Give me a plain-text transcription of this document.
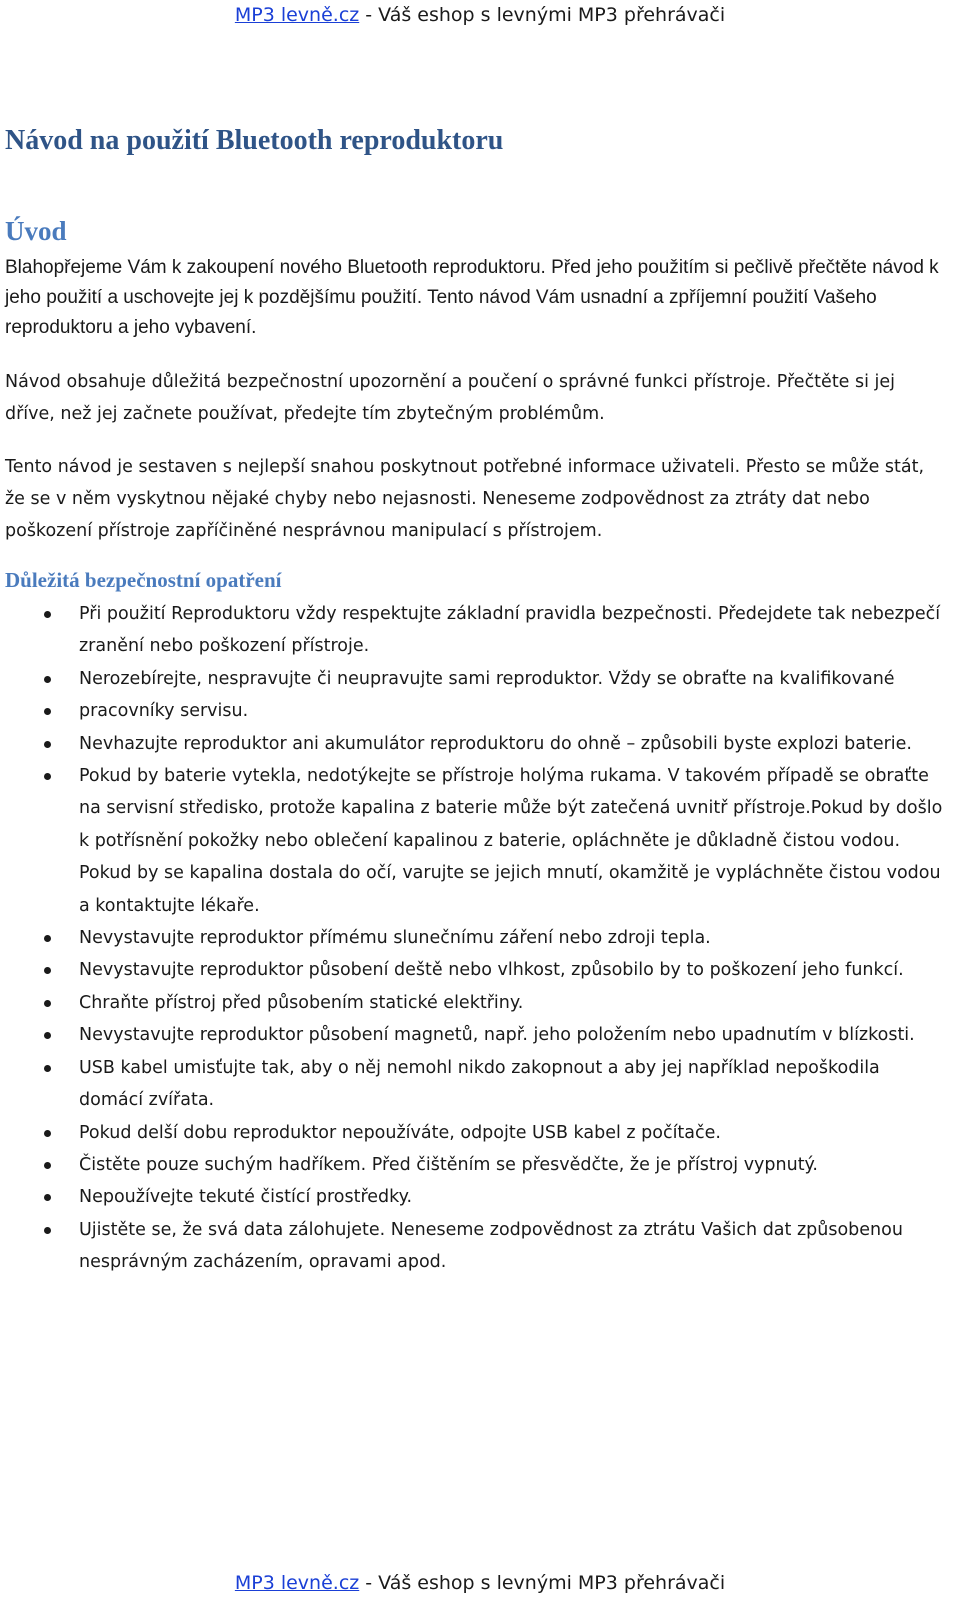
MP3 levně.cz - Váš eshop s levnými MP3 přehrávači
Návod na použití Bluetooth reproduktoru
Úvod

Blahopřejeme Vám k zakoupení nového Bluetooth reproduktoru. Před jeho použitím si pečlivě přečtěte návod k jeho použití a uschovejte jej k pozdějšímu použití. Tento návod Vám usnadní a zpříjemní použití Vašeho reproduktoru a jeho vybavení.

Návod obsahuje důležitá bezpečnostní upozornění a poučení o správné funkci přístroje. Přečtěte si jej dříve, než jej začnete používat, předejte tím zbytečným problémům.

Tento návod je sestaven s nejlepší snahou poskytnout potřebné informace uživateli. Přesto se může stát, že se v něm vyskytnou nějaké chyby nebo nejasnosti. Neneseme zodpovědnost za ztráty dat nebo poškození přístroje zapříčiněné nesprávnou manipulací s přístrojem.

Důležitá bezpečnostní opatření
Při použití Reproduktoru vždy respektujte základní pravidla bezpečnosti. Předejdete tak nebezpečí zranění nebo poškození přístroje.
Nerozebírejte, nespravujte či neupravujte sami reproduktor. Vždy se obraťte na kvalifikované pracovníky servisu.
Nevhazujte reproduktor ani akumulátor reproduktoru do ohně – způsobili byste explozi baterie.
Pokud by baterie vytekla, nedotýkejte se přístroje holýma rukama. V takovém případě se obraťte na servisní středisko, protože kapalina z baterie může být zatečená uvnitř přístroje.Pokud by došlo k potřísnění pokožky nebo oblečení kapalinou z baterie, opláchněte je důkladně čistou vodou. Pokud by se kapalina dostala do očí, varujte se jejich mnutí, okamžitě je vypláchněte čistou vodou a kontaktujte lékaře.
Nevystavujte reproduktor přímému slunečnímu záření nebo zdroji tepla.
Nevystavujte reproduktor působení deště nebo vlhkost, způsobilo by to poškození jeho funkcí.
Chraňte přístroj před působením statické elektřiny.
Nevystavujte reproduktor působení magnetů, např. jeho položením nebo upadnutím v blízkosti.
USB kabel umisťujte tak, aby o něj nemohl nikdo zakopnout a aby jej například nepoškodila domácí zvířata.
Pokud delší dobu reproduktor nepoužíváte, odpojte USB kabel z počítače.
Čistěte pouze suchým hadříkem. Před čištěním se přesvědčte, že je přístroj vypnutý.
Nepoužívejte tekuté čistící prostředky.
Ujistěte se, že svá data zálohujete. Neneseme zodpovědnost za ztrátu Vašich dat způsobenou nesprávným zacházením, opravami apod.
MP3 levně.cz - Váš eshop s levnými MP3 přehrávači
